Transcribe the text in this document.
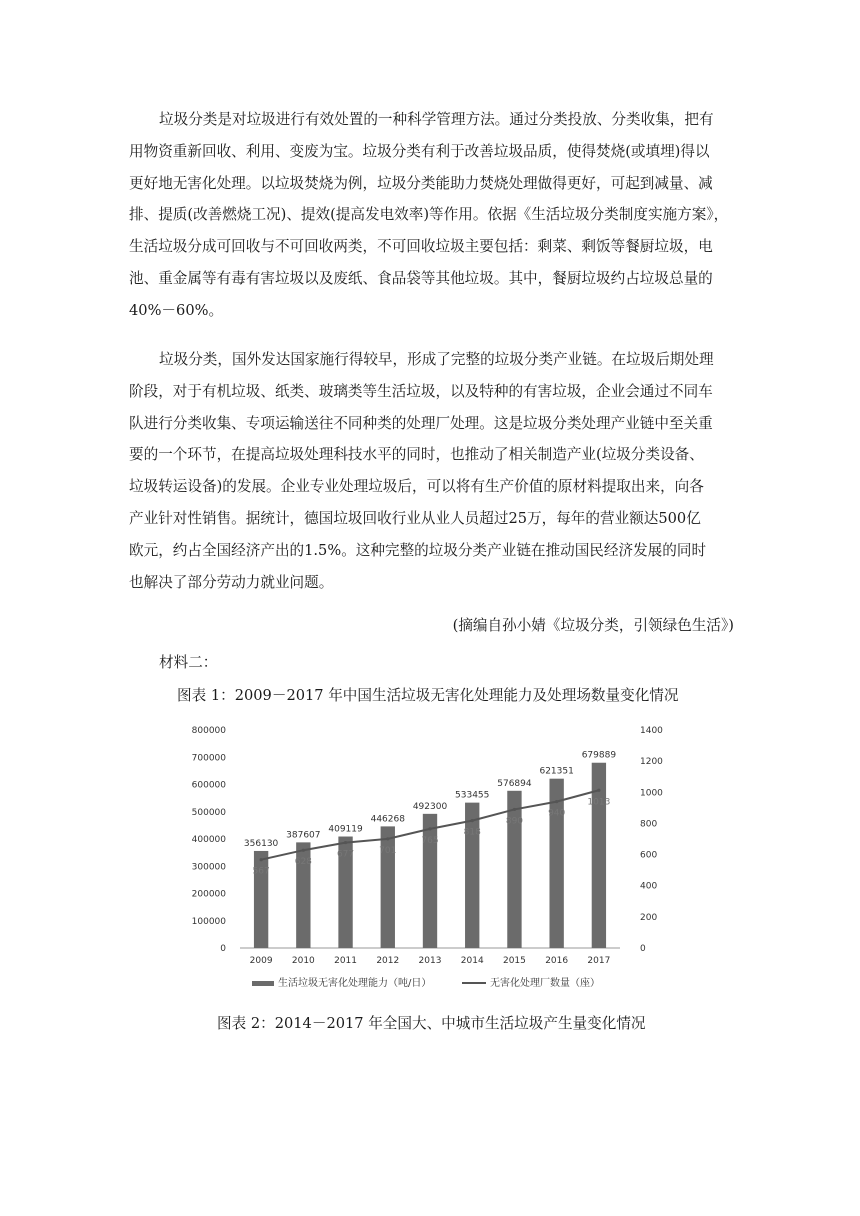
垃圾分类是对垃圾进行有效处置的一种科学管理方法。通过分类投放、分类收集，把有
用物资重新回收、利用、变废为宝。垃圾分类有利于改善垃圾品质，使得焚烧(或填埋)得以
更好地无害化处理。以垃圾焚烧为例，垃圾分类能助力焚烧处理做得更好，可起到减量、减
排、提质(改善燃烧工况)、提效(提高发电效率)等作用。依据《生活垃圾分类制度实施方案》，
生活垃圾分成可回收与不可回收两类，不可回收垃圾主要包括：剩菜、剩饭等餐厨垃圾，电
池、重金属等有毒有害垃圾以及废纸、食品袋等其他垃圾。其中，餐厨垃圾约占垃圾总量的
40%－60%。
垃圾分类，国外发达国家施行得较早，形成了完整的垃圾分类产业链。在垃圾后期处理
阶段，对于有机垃圾、纸类、玻璃类等生活垃圾，以及特种的有害垃圾，企业会通过不同车
队进行分类收集、专项运输送往不同种类的处理厂处理。这是垃圾分类处理产业链中至关重
要的一个环节，在提高垃圾处理科技水平的同时，也推动了相关制造产业(垃圾分类设备、
垃圾转运设备)的发展。企业专业处理垃圾后，可以将有生产价值的原材料提取出来，向各
产业针对性销售。据统计，德国垃圾回收行业从业人员超过25万，每年的营业额达500亿
欧元，约占全国经济产出的1.5%。这种完整的垃圾分类产业链在推动国民经济发展的同时
也解决了部分劳动力就业问题。
(摘编自孙小婧《垃圾分类，引领绿色生活》)
材料二：
图表 1：2009－2017 年中国生活垃圾无害化处理能力及处理场数量变化情况
0
100000
200000
300000
400000
500000
600000
700000
800000
0
200
400
600
800
1000
1200
1400
356130
2009
387607
2010
409119
2011
446268
2012
492300
2013
533455
2014
576894
2015
621351
2016
679889
2017
567
628
677	701
765
818
890
940
1013
生活垃圾无害化处理能力（吨/日）	无害化处理厂数量（座）
图表 2：2014－2017 年全国大、中城市生活垃圾产生量变化情况
